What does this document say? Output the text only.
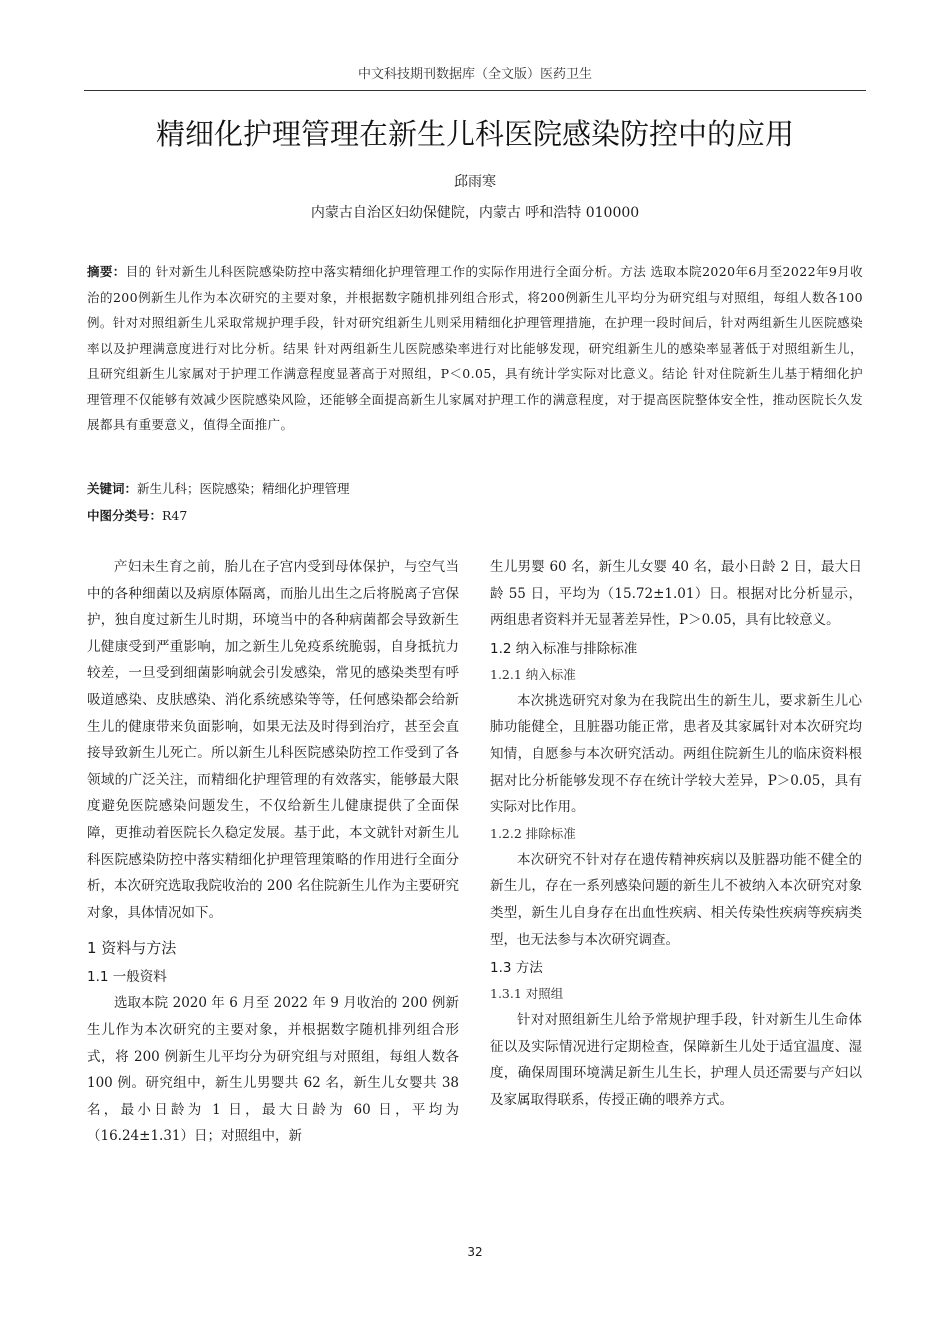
中文科技期刊数据库（全文版）医药卫生
精细化护理管理在新生儿科医院感染防控中的应用
邱雨寒
内蒙古自治区妇幼保健院，内蒙古 呼和浩特 010000
摘要：目的 针对新生儿科医院感染防控中落实精细化护理管理工作的实际作用进行全面分析。方法 选取本院2020年6月至2022年9月收治的200例新生儿作为本次研究的主要对象，并根据数字随机排列组合形式，将200例新生儿平均分为研究组与对照组，每组人数各100例。针对对照组新生儿采取常规护理手段，针对研究组新生儿则采用精细化护理管理措施，在护理一段时间后，针对两组新生儿医院感染率以及护理满意度进行对比分析。结果 针对两组新生儿医院感染率进行对比能够发现，研究组新生儿的感染率显著低于对照组新生儿，且研究组新生儿家属对于护理工作满意程度显著高于对照组，P＜0.05，具有统计学实际对比意义。结论 针对住院新生儿基于精细化护理管理不仅能够有效减少医院感染风险，还能够全面提高新生儿家属对护理工作的满意程度，对于提高医院整体安全性，推动医院长久发展都具有重要意义，值得全面推广。
关键词：新生儿科；医院感染；精细化护理管理
中图分类号：R47

产妇未生育之前，胎儿在子宫内受到母体保护，与空气当中的各种细菌以及病原体隔离，而胎儿出生之后将脱离子宫保护，独自度过新生儿时期，环境当中的各种病菌都会导致新生儿健康受到严重影响，加之新生儿免疫系统脆弱，自身抵抗力较差，一旦受到细菌影响就会引发感染，常见的感染类型有呼吸道感染、皮肤感染、消化系统感染等等，任何感染都会给新生儿的健康带来负面影响，如果无法及时得到治疗，甚至会直接导致新生儿死亡。所以新生儿科医院感染防控工作受到了各领域的广泛关注，而精细化护理管理的有效落实，能够最大限度避免医院感染问题发生，不仅给新生儿健康提供了全面保障，更推动着医院长久稳定发展。基于此，本文就针对新生儿科医院感染防控中落实精细化护理管理策略的作用进行全面分析，本次研究选取我院收治的 200 名住院新生儿作为主要研究对象，具体情况如下。

1 资料与方法
1.1 一般资料

选取本院 2020 年 6 月至 2022 年 9 月收治的 200 例新生儿作为本次研究的主要对象，并根据数字随机排列组合形式，将 200 例新生儿平均分为研究组与对照组，每组人数各 100 例。研究组中，新生儿男婴共 62 名，新生儿女婴共 38 名，最小日龄为 1 日，最大日龄为 60 日，平均为（16.24±1.31）日；对照组中，新

生儿男婴 60 名，新生儿女婴 40 名，最小日龄 2 日，最大日龄 55 日，平均为（15.72±1.01）日。根据对比分析显示，两组患者资料并无显著差异性，P＞0.05，具有比较意义。

1.2 纳入标准与排除标准
1.2.1 纳入标准

本次挑选研究对象为在我院出生的新生儿，要求新生儿心肺功能健全，且脏器功能正常，患者及其家属针对本次研究均知情，自愿参与本次研究活动。两组住院新生儿的临床资料根据对比分析能够发现不存在统计学较大差异，P＞0.05，具有实际对比作用。

1.2.2 排除标准

本次研究不针对存在遗传精神疾病以及脏器功能不健全的新生儿，存在一系列感染问题的新生儿不被纳入本次研究对象类型，新生儿自身存在出血性疾病、相关传染性疾病等疾病类型，也无法参与本次研究调查。

1.3 方法
1.3.1 对照组

针对对照组新生儿给予常规护理手段，针对新生儿生命体征以及实际情况进行定期检查，保障新生儿处于适宜温度、湿度，确保周围环境满足新生儿生长，护理人员还需要与产妇以及家属取得联系，传授正确的喂养方式。

32
